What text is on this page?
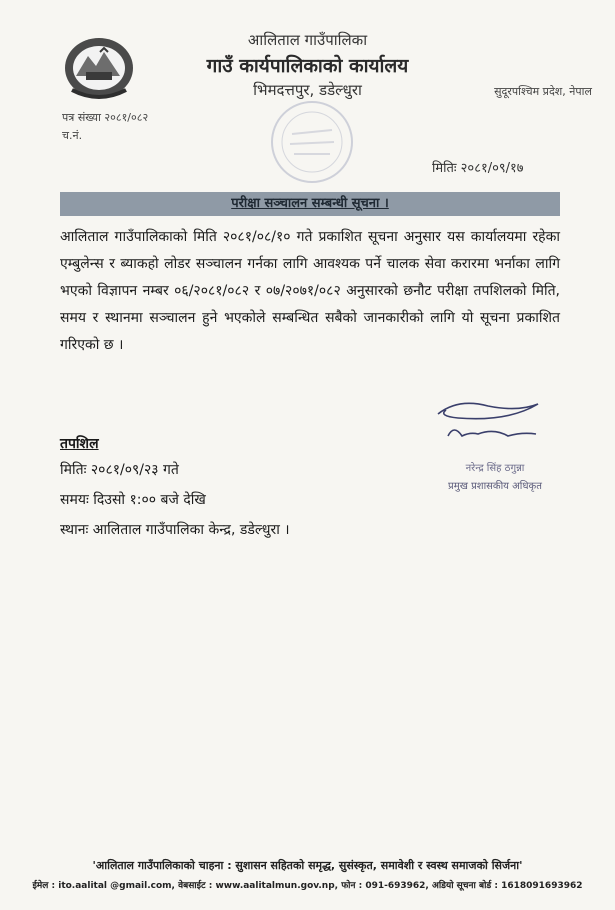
आलिताल गाउँपालिका
गाउँ कार्यपालिकाको कार्यालय
भिमदत्तपुर, डडेल्धुरा	सुदूरपश्चिम प्रदेश, नेपाल
पत्र संख्या २०८१/०८२
च.नं.
मितिः २०८१/०९/१७
परीक्षा सञ्चालन सम्बन्धी सूचना ।
आलिताल गाउँपालिकाको मिति २०८१/०८/१० गते प्रकाशित सूचना अनुसार यस कार्यालयमा रहेका एम्बुलेन्स र ब्याकहो लोडर सञ्चालन गर्नका लागि आवश्यक पर्ने चालक सेवा करारमा भर्नाका लागि भएको विज्ञापन नम्बर ०६/२०८१/०८२ र ०७/२०७१/०८२ अनुसारको छनौट परीक्षा तपशिलको मिति, समय र स्थानमा सञ्चालन हुने भएकोले सम्बन्धित सबैको जानकारीको लागि यो सूचना प्रकाशित गरिएको छ ।
तपशिल
मितिः २०८१/०९/२३ गते
समयः दिउसो १:०० बजे देखि
स्थानः आलिताल गाउँपालिका केन्द्र, डडेल्धुरा ।
नरेन्द्र सिंह ठगुन्ना
प्रमुख प्रशासकीय अधिकृत
'आलिताल गाउँपालिकाको चाहना : सुशासन सहितको समृद्ध, सुसंस्कृत, समावेशी र स्वस्थ समाजको सिर्जना'
ईमेल : ito.aalital @gmail.com, वेबसाईट : www.aalitalmun.gov.np, फोन : 091-693962, अडियो सूचना बोर्ड : 1618091693962
